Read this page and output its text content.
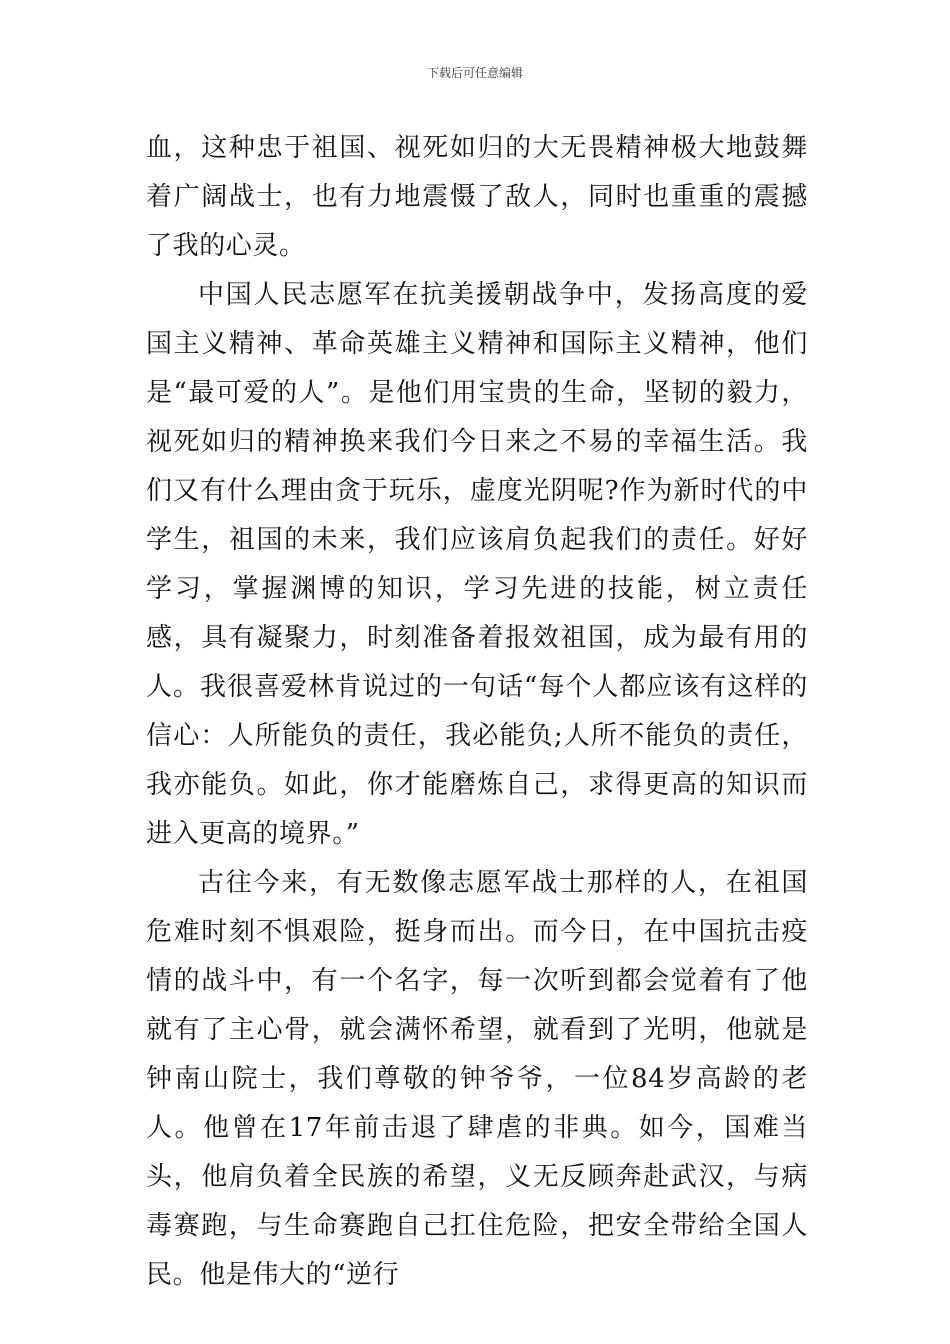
下载后可任意编辑

血，这种忠于祖国、视死如归的大无畏精神极大地鼓舞着广阔战士，也有力地震慑了敌人，同时也重重的震撼了我的心灵。

中国人民志愿军在抗美援朝战争中，发扬高度的爱国主义精神、革命英雄主义精神和国际主义精神，他们是“最可爱的人”。是他们用宝贵的生命，坚韧的毅力，视死如归的精神换来我们今日来之不易的幸福生活。我们又有什么理由贪于玩乐，虚度光阴呢?作为新时代的中学生，祖国的未来，我们应该肩负起我们的责任。好好学习，掌握渊博的知识，学习先进的技能，树立责任感，具有凝聚力，时刻准备着报效祖国，成为最有用的人。我很喜爱林肯说过的一句话“每个人都应该有这样的信心：人所能负的责任，我必能负;人所不能负的责任，我亦能负。如此，你才能磨炼自己，求得更高的知识而进入更高的境界。”

古往今来，有无数像志愿军战士那样的人，在祖国危难时刻不惧艰险，挺身而出。而今日，在中国抗击疫情的战斗中，有一个名字，每一次听到都会觉着有了他就有了主心骨，就会满怀希望，就看到了光明，他就是钟南山院士，我们尊敬的钟爷爷，一位84岁高龄的老人。他曾在17年前击退了肆虐的非典。如今，国难当头，他肩负着全民族的希望，义无反顾奔赴武汉，与病毒赛跑，与生命赛跑自己扛住危险，把安全带给全国人民。他是伟大的“逆行
